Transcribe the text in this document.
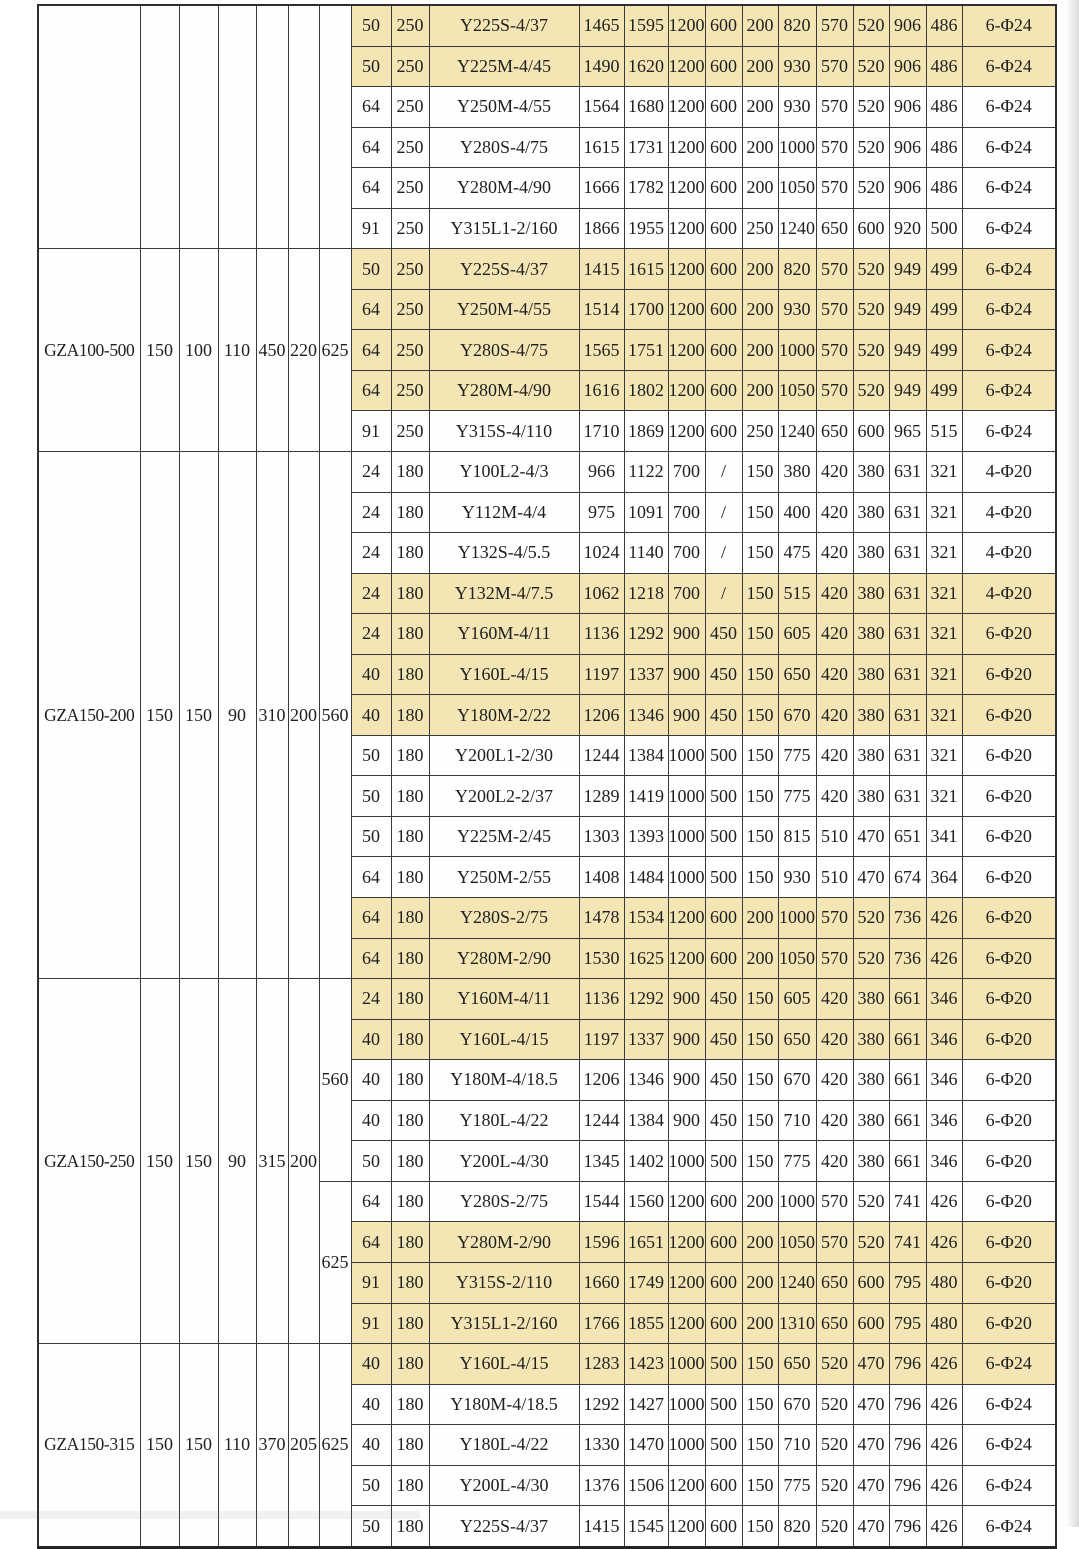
							50	250	Y225S-4/37	1465	1595	1200	600	200	820	570	520	906	486	6-Φ24
							50	250	Y225M-4/45	1490	1620	1200	600	200	930	570	520	906	486	6-Φ24
							64	250	Y250M-4/55	1564	1680	1200	600	200	930	570	520	906	486	6-Φ24
							64	250	Y280S-4/75	1615	1731	1200	600	200	1000	570	520	906	486	6-Φ24
							64	250	Y280M-4/90	1666	1782	1200	600	200	1050	570	520	906	486	6-Φ24
							91	250	Y315L1-2/160	1866	1955	1200	600	250	1240	650	600	920	500	6-Φ24
GZA100-500	150	100	110	450	220	625	50	250	Y225S-4/37	1415	1615	1200	600	200	820	570	520	949	499	6-Φ24
							64	250	Y250M-4/55	1514	1700	1200	600	200	930	570	520	949	499	6-Φ24
							64	250	Y280S-4/75	1565	1751	1200	600	200	1000	570	520	949	499	6-Φ24
							64	250	Y280M-4/90	1616	1802	1200	600	200	1050	570	520	949	499	6-Φ24
							91	250	Y315S-4/110	1710	1869	1200	600	250	1240	650	600	965	515	6-Φ24
GZA150-200	150	150	90	310	200	560	24	180	Y100L2-4/3	966	1122	700	/	150	380	420	380	631	321	4-Φ20
							24	180	Y112M-4/4	975	1091	700	/	150	400	420	380	631	321	4-Φ20
							24	180	Y132S-4/5.5	1024	1140	700	/	150	475	420	380	631	321	4-Φ20
							24	180	Y132M-4/7.5	1062	1218	700	/	150	515	420	380	631	321	4-Φ20
							24	180	Y160M-4/11	1136	1292	900	450	150	605	420	380	631	321	6-Φ20
							40	180	Y160L-4/15	1197	1337	900	450	150	650	420	380	631	321	6-Φ20
							40	180	Y180M-2/22	1206	1346	900	450	150	670	420	380	631	321	6-Φ20
							50	180	Y200L1-2/30	1244	1384	1000	500	150	775	420	380	631	321	6-Φ20
							50	180	Y200L2-2/37	1289	1419	1000	500	150	775	420	380	631	321	6-Φ20
							50	180	Y225M-2/45	1303	1393	1000	500	150	815	510	470	651	341	6-Φ20
							64	180	Y250M-2/55	1408	1484	1000	500	150	930	510	470	674	364	6-Φ20
							64	180	Y280S-2/75	1478	1534	1200	600	200	1000	570	520	736	426	6-Φ20
							64	180	Y280M-2/90	1530	1625	1200	600	200	1050	570	520	736	426	6-Φ20
GZA150-250	150	150	90	315	200	560	24	180	Y160M-4/11	1136	1292	900	450	150	605	420	380	661	346	6-Φ20
							40	180	Y160L-4/15	1197	1337	900	450	150	650	420	380	661	346	6-Φ20
							40	180	Y180M-4/18.5	1206	1346	900	450	150	670	420	380	661	346	6-Φ20
							40	180	Y180L-4/22	1244	1384	900	450	150	710	420	380	661	346	6-Φ20
							50	180	Y200L-4/30	1345	1402	1000	500	150	775	420	380	661	346	6-Φ20
						625	64	180	Y280S-2/75	1544	1560	1200	600	200	1000	570	520	741	426	6-Φ20
							64	180	Y280M-2/90	1596	1651	1200	600	200	1050	570	520	741	426	6-Φ20
							91	180	Y315S-2/110	1660	1749	1200	600	200	1240	650	600	795	480	6-Φ20
							91	180	Y315L1-2/160	1766	1855	1200	600	200	1310	650	600	795	480	6-Φ20
GZA150-315	150	150	110	370	205	625	40	180	Y160L-4/15	1283	1423	1000	500	150	650	520	470	796	426	6-Φ24
							40	180	Y180M-4/18.5	1292	1427	1000	500	150	670	520	470	796	426	6-Φ24
							40	180	Y180L-4/22	1330	1470	1000	500	150	710	520	470	796	426	6-Φ24
							50	180	Y200L-4/30	1376	1506	1200	600	150	775	520	470	796	426	6-Φ24
							50	180	Y225S-4/37	1415	1545	1200	600	150	820	520	470	796	426	6-Φ24
